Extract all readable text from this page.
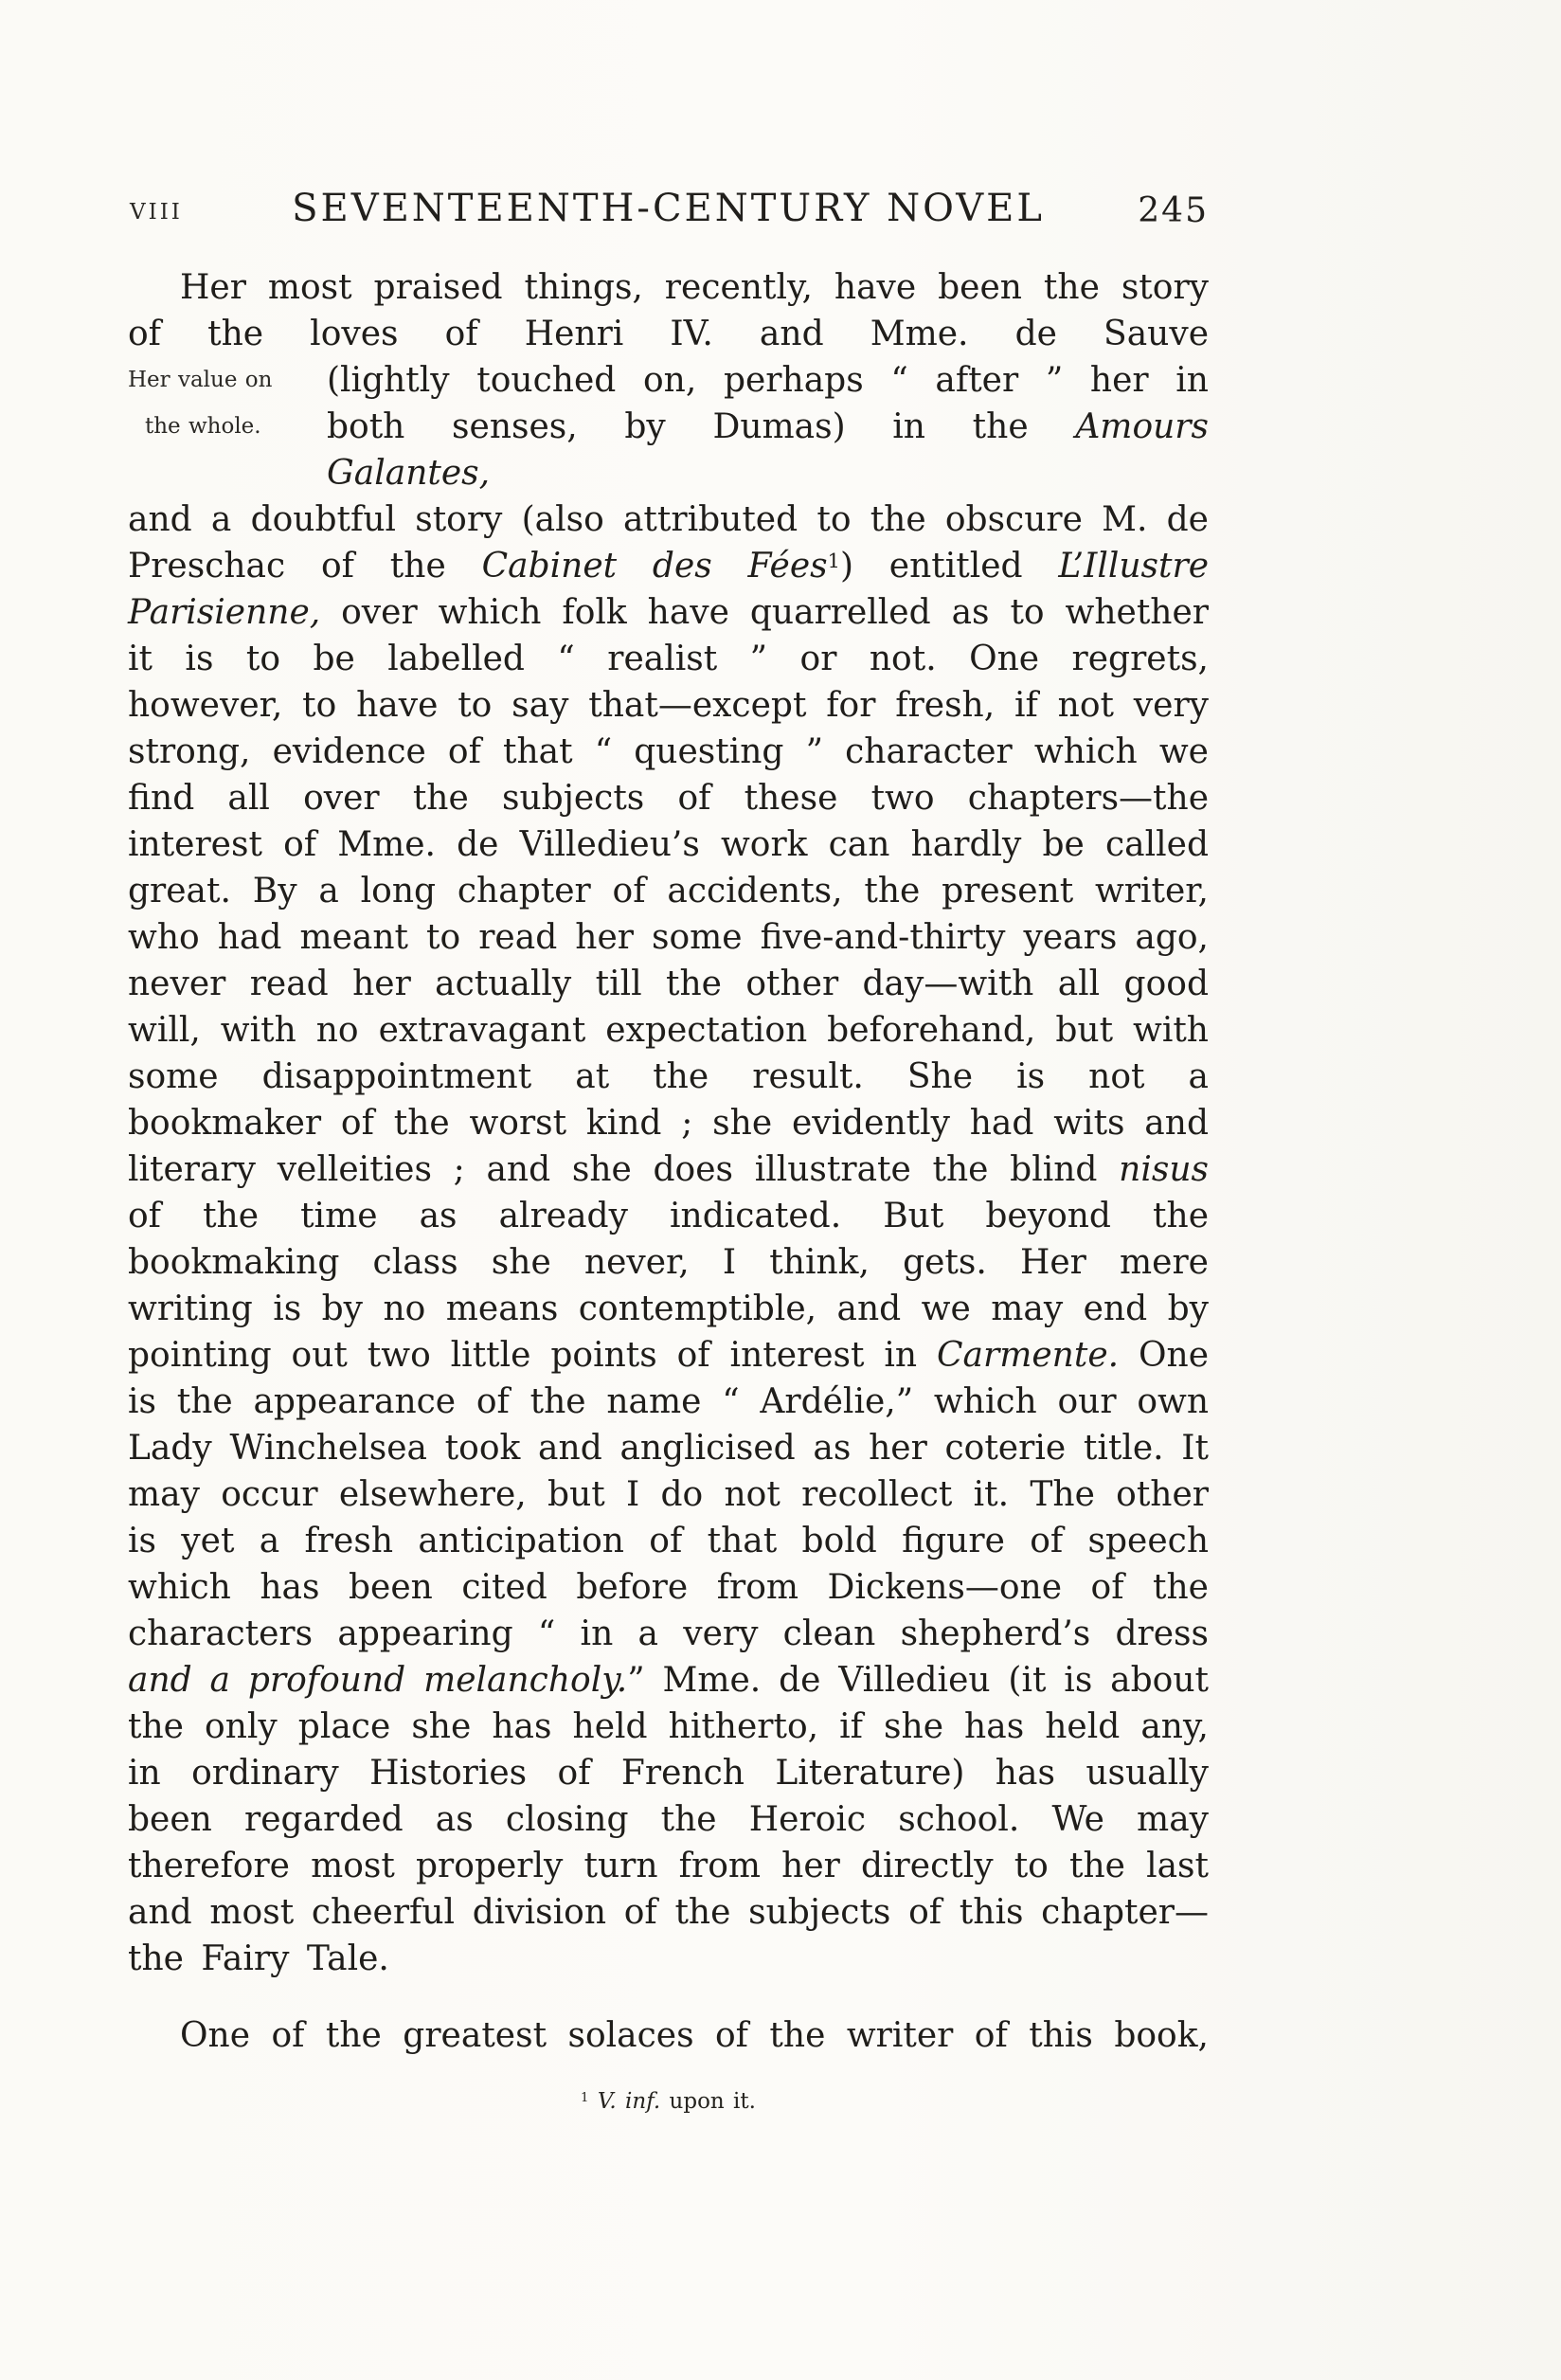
VIII	SEVENTEENTH-CENTURY NOVEL	245
Her most praised things, recently, have been the story of the loves of Henri IV. and Mme. de Sauve
Her value on
the whole.
(lightly touched on, perhaps “ after ” her in both senses, by Dumas) in the Amours Galantes,
and a doubtful story (also attributed to the obscure M. de Preschac of the Cabinet des Fées$^1$) entitled L’Illustre Parisienne, over which folk have quarrelled as to whether it is to be labelled “ realist ” or not. One regrets, however, to have to say that—except for fresh, if not very strong, evidence of that “ questing ” character which we find all over the subjects of these two chapters—the interest of Mme. de Villedieu’s work can hardly be called great. By a long chapter of accidents, the present writer, who had meant to read her some five-and-thirty years ago, never read her actually till the other day—with all good will, with no extravagant expectation beforehand, but with some disappointment at the result. She is not a bookmaker of the worst kind ; she evidently had wits and literary velleities ; and she does illustrate the blind nisus of the time as already indicated. But beyond the bookmaking class she never, I think, gets. Her mere writing is by no means contemptible, and we may end by pointing out two little points of interest in Carmente. One is the appearance of the name “ Ardélie,” which our own Lady Winchelsea took and anglicised as her coterie title. It may occur elsewhere, but I do not recollect it. The other is yet a fresh anticipation of that bold figure of speech which has been cited before from Dickens—one of the characters appearing “ in a very clean shepherd’s dress and a profound melancholy.” Mme. de Villedieu (it is about the only place she has held hitherto, if she has held any, in ordinary Histories of French Literature) has usually been regarded as closing the Heroic school. We may therefore most properly turn from her directly to the last and most cheerful division of the subjects of this chapter—the Fairy Tale.
One of the greatest solaces of the writer of this book,
$^1$ V. inf. upon it.
